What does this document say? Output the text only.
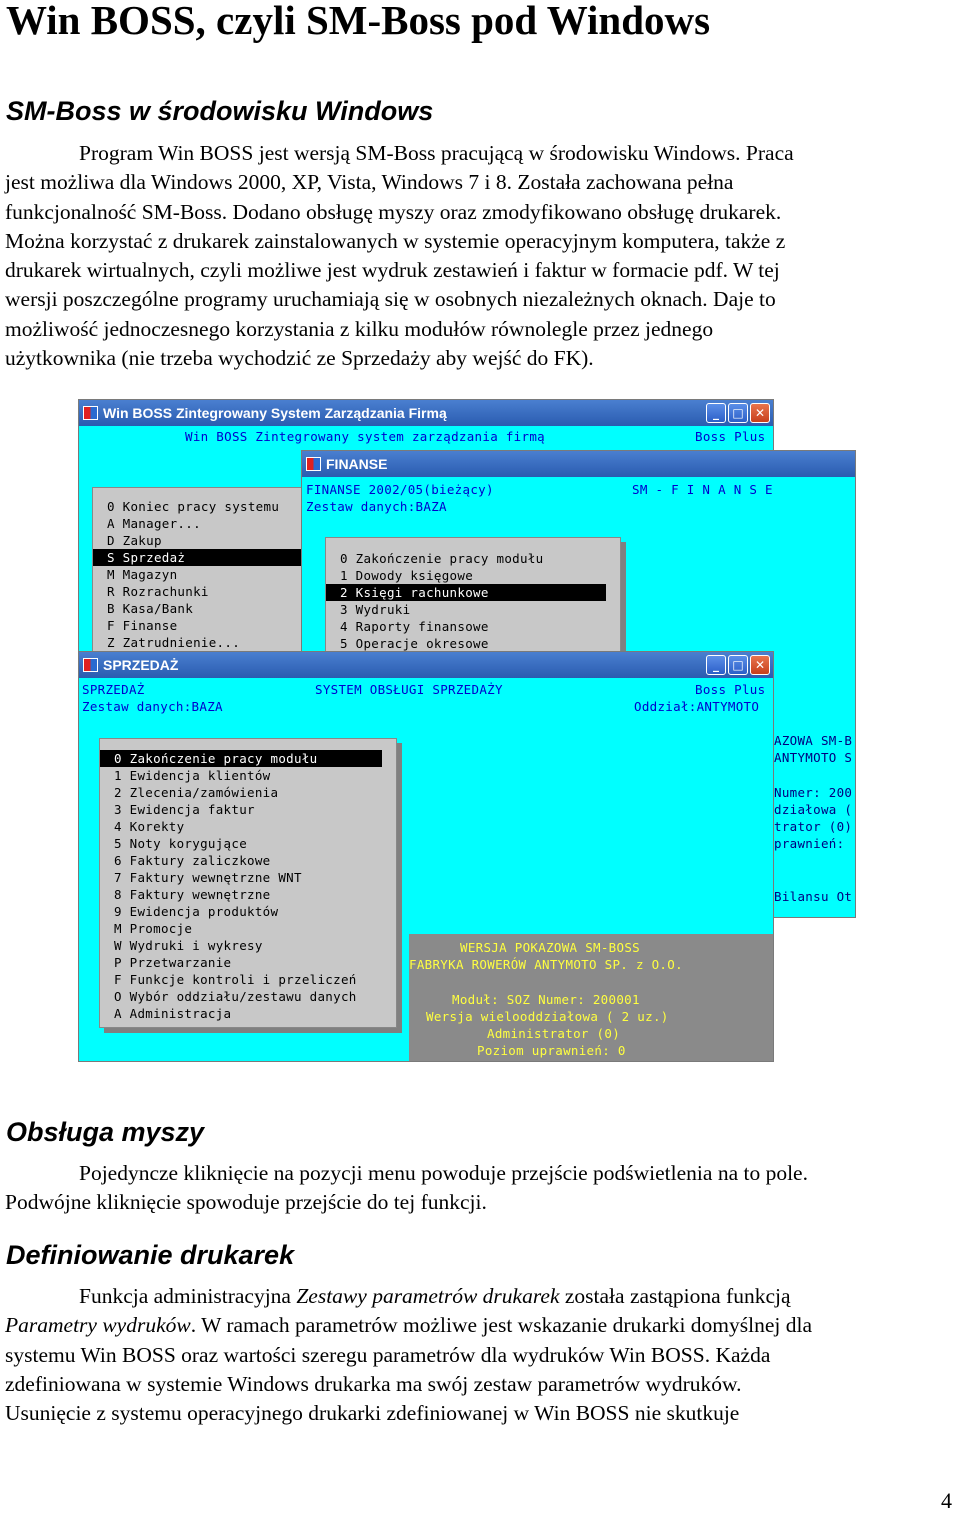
Win BOSS, czyli SM-Boss pod Windows
SM-Boss w środowisku Windows
Program Win BOSS jest wersją SM-Boss pracującą w środowisku Windows. Praca
jest możliwa dla Windows 2000, XP, Vista, Windows 7 i 8. Została zachowana pełna
funkcjonalność SM-Boss. Dodano obsługę myszy oraz zmodyfikowano obsługę drukarek.
Można korzystać z drukarek zainstalowanych w systemie operacyjnym komputera, także z
drukarek wirtualnych, czyli możliwe jest wydruk zestawień i faktur w formacie pdf. W tej
wersji poszczególne programy uruchamiają się w osobnych niezależnych oknach. Daje to
możliwość jednoczesnego korzystania z kilku modułów równolegle przez jednego
użytkownika (nie trzeba wychodzić ze Sprzedaży aby wejść do FK).
Win BOSS Zintegrowany System Zarządzania Firmą	_	□ ✕
Win BOSS Zintegrowany system zarządzania firmą	Boss Plus
0 Koniec pracy systemu
A Manager...
D Zakup
S Sprzedaż
M Magazyn
R Rozrachunki
B Kasa/Bank
F Finanse
Z Zatrudnienie...
FINANSE
FINANSE 2002/05(bieżący)
Zestaw danych:BAZA
SM - F I N A N S E
0 Zakończenie pracy modułu
1 Dowody księgowe
2 Księgi rachunkowe
3 Wydruki
4 Raporty finansowe
5 Operacje okresowe
AZOWA SM-B
ANTYMOTO S
Numer: 200
działowa (
trator (0)
prawnień:
Bilansu Ot
SPRZEDAŻ	_	□ ✕
SPRZEDAŻ
Zestaw danych:BAZA
SYSTEM OBSŁUGI SPRZEDAŻY	Boss Plus
Oddział:ANTYMOTO
0 Zakończenie pracy modułu
1 Ewidencja klientów
2 Zlecenia/zamówienia
3 Ewidencja faktur
4 Korekty
5 Noty korygujące
6 Faktury zaliczkowe
7 Faktury wewnętrzne WNT
8 Faktury wewnętrzne
9 Ewidencja produktów
M Promocje
W Wydruki i wykresy
P Przetwarzanie
F Funkcje kontroli i przeliczeń
O Wybór oddziału/zestawu danych
A Administracja
WERSJA POKAZOWA SM-BOSS
FABRYKA ROWERÓW ANTYMOTO SP. z O.O.
Moduł: SOZ Numer: 200001
Wersja wielooddziałowa ( 2 uz.)
Administrator (0)
Poziom uprawnień: 0
Obsługa myszy
Pojedyncze kliknięcie na pozycji menu powoduje przejście podświetlenia na to pole.
Podwójne kliknięcie spowoduje przejście do tej funkcji.
Definiowanie drukarek
Funkcja administracyjna Zestawy parametrów drukarek została zastąpiona funkcją
Parametry wydruków. W ramach parametrów możliwe jest wskazanie drukarki domyślnej dla
systemu Win BOSS oraz wartości szeregu parametrów dla wydruków Win BOSS. Każda
zdefiniowana w systemie Windows drukarka ma swój zestaw parametrów wydruków.
Usunięcie z systemu operacyjnego drukarki zdefiniowanej w Win BOSS nie skutkuje
4
